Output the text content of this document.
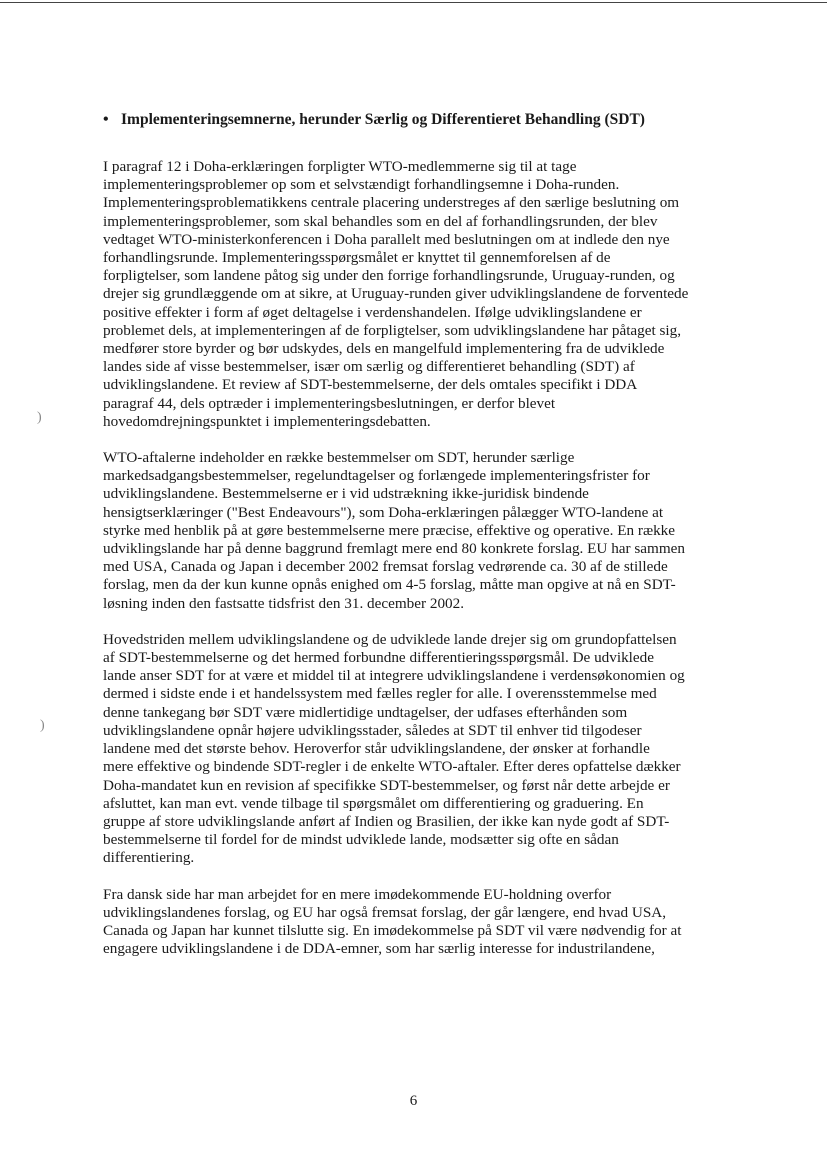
)
)
• Implementeringsemnerne, herunder Særlig og Differentieret Behandling (SDT)

I paragraf 12 i Doha-erklæringen forpligter WTO-medlemmerne sig til at tage
implementeringsproblemer op som et selvstændigt forhandlingsemne i Doha-runden.
Implementeringsproblematikkens centrale placering understreges af den særlige beslutning om
implementeringsproblemer, som skal behandles som en del af forhandlingsrunden, der blev
vedtaget WTO-ministerkonferencen i Doha parallelt med beslutningen om at indlede den nye
forhandlingsrunde. Implementeringsspørgsmålet er knyttet til gennemforelsen af de
forpligtelser, som landene påtog sig under den forrige forhandlingsrunde, Uruguay-runden, og
drejer sig grundlæggende om at sikre, at Uruguay-runden giver udviklingslandene de forventede
positive effekter i form af øget deltagelse i verdenshandelen. Ifølge udviklingslandene er
problemet dels, at implementeringen af de forpligtelser, som udviklingslandene har påtaget sig,
medfører store byrder og bør udskydes, dels en mangelfuld implementering fra de udviklede
landes side af visse bestemmelser, især om særlig og differentieret behandling (SDT) af
udviklingslandene. Et review af SDT-bestemmelserne, der dels omtales specifikt i DDA
paragraf 44, dels optræder i implementeringsbeslutningen, er derfor blevet
hovedomdrejningspunktet i implementeringsdebatten.

WTO-aftalerne indeholder en række bestemmelser om SDT, herunder særlige
markedsadgangsbestemmelser, regelundtagelser og forlængede implementeringsfrister for
udviklingslandene. Bestemmelserne er i vid udstrækning ikke-juridisk bindende
hensigtserklæringer ("Best Endeavours"), som Doha-erklæringen pålægger WTO-landene at
styrke med henblik på at gøre bestemmelserne mere præcise, effektive og operative. En række
udviklingslande har på denne baggrund fremlagt mere end 80 konkrete forslag. EU har sammen
med USA, Canada og Japan i december 2002 fremsat forslag vedrørende ca. 30 af de stillede
forslag, men da der kun kunne opnås enighed om 4-5 forslag, måtte man opgive at nå en SDT-
løsning inden den fastsatte tidsfrist den 31. december 2002.

Hovedstriden mellem udviklingslandene og de udviklede lande drejer sig om grundopfattelsen
af SDT-bestemmelserne og det hermed forbundne differentieringsspørgsmål. De udviklede
lande anser SDT for at være et middel til at integrere udviklingslandene i verdensøkonomien og
dermed i sidste ende i et handelssystem med fælles regler for alle. I overensstemmelse med
denne tankegang bør SDT være midlertidige undtagelser, der udfases efterhånden som
udviklingslandene opnår højere udviklingsstader, således at SDT til enhver tid tilgodeser
landene med det største behov. Heroverfor står udviklingslandene, der ønsker at forhandle
mere effektive og bindende SDT-regler i de enkelte WTO-aftaler. Efter deres opfattelse dækker
Doha-mandatet kun en revision af specifikke SDT-bestemmelser, og først når dette arbejde er
afsluttet, kan man evt. vende tilbage til spørgsmålet om differentiering og graduering. En
gruppe af store udviklingslande anført af Indien og Brasilien, der ikke kan nyde godt af SDT-
bestemmelserne til fordel for de mindst udviklede lande, modsætter sig ofte en sådan
differentiering.

Fra dansk side har man arbejdet for en mere imødekommende EU-holdning overfor
udviklingslandenes forslag, og EU har også fremsat forslag, der går længere, end hvad USA,
Canada og Japan har kunnet tilslutte sig. En imødekommelse på SDT vil være nødvendig for at
engagere udviklingslandene i de DDA-emner, som har særlig interesse for industrilandene,

6
